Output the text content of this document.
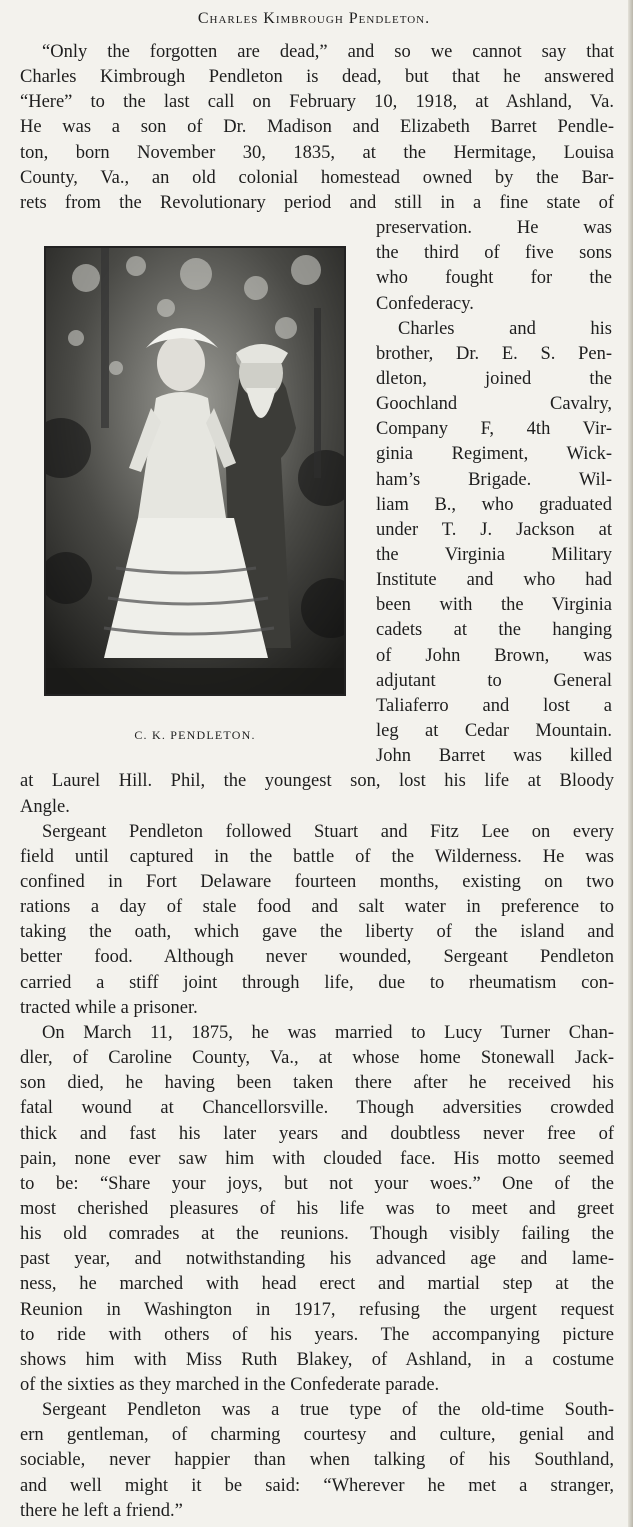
Charles Kimbrough Pendleton.

C. K. PENDLETON.

“Only the forgotten are dead,” and so we cannot say that

Charles Kimbrough Pendleton is dead, but that he answered

“Here” to the last call on February 10, 1918, at Ashland, Va.

He was a son of Dr. Madison and Elizabeth Barret Pendle-

ton, born November 30, 1835, at the Hermitage, Louisa

County, Va., an old colonial homestead owned by the Bar-

rets from the Revolutionary period and still in a fine state of

preservation. He was

the third of five sons

who fought for the

Confederacy.

Charles and his

brother, Dr. E. S. Pen-

dleton, joined the

Goochland Cavalry,

Company F, 4th Vir-

ginia Regiment, Wick-

ham’s Brigade. Wil-

liam B., who graduated

under T. J. Jackson at

the Virginia Military

Institute and who had

been with the Virginia

cadets at the hanging

of John Brown, was

adjutant to General

Taliaferro and lost a

leg at Cedar Mountain.

John Barret was killed

at Laurel Hill. Phil, the youngest son, lost his life at Bloody

Angle.

Sergeant Pendleton followed Stuart and Fitz Lee on every

field until captured in the battle of the Wilderness. He was

confined in Fort Delaware fourteen months, existing on two

rations a day of stale food and salt water in preference to

taking the oath, which gave the liberty of the island and

better food. Although never wounded, Sergeant Pendleton

carried a stiff joint through life, due to rheumatism con-

tracted while a prisoner.

On March 11, 1875, he was married to Lucy Turner Chan-

dler, of Caroline County, Va., at whose home Stonewall Jack-

son died, he having been taken there after he received his

fatal wound at Chancellorsville. Though adversities crowded

thick and fast his later years and doubtless never free of

pain, none ever saw him with clouded face. His motto seemed

to be: “Share your joys, but not your woes.” One of the

most cherished pleasures of his life was to meet and greet

his old comrades at the reunions. Though visibly failing the

past year, and notwithstanding his advanced age and lame-

ness, he marched with head erect and martial step at the

Reunion in Washington in 1917, refusing the urgent request

to ride with others of his years. The accompanying picture

shows him with Miss Ruth Blakey, of Ashland, in a costume

of the sixties as they marched in the Confederate parade.

Sergeant Pendleton was a true type of the old-time South-

ern gentleman, of charming courtesy and culture, genial and

sociable, never happier than when talking of his Southland,

and well might it be said: “Wherever he met a stranger,

there he left a friend.”
